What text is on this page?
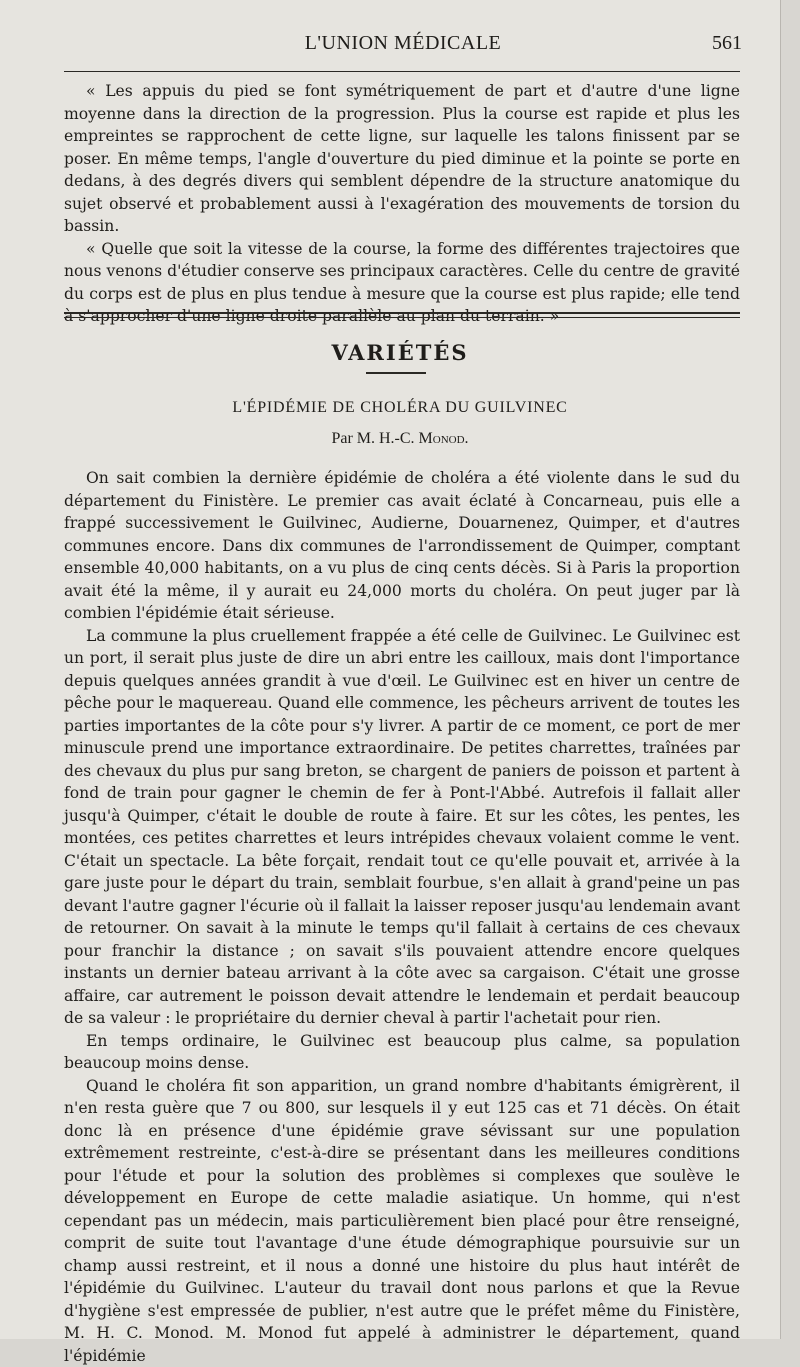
L'UNION MÉDICALE	561

« Les appuis du pied se font symétriquement de part et d'autre d'une ligne moyenne dans la direction de la progression. Plus la course est rapide et plus les empreintes se rapprochent de cette ligne, sur laquelle les talons finissent par se poser. En même temps, l'angle d'ouverture du pied diminue et la pointe se porte en dedans, à des degrés divers qui semblent dépendre de la structure anatomique du sujet observé et probablement aussi à l'exagération des mouvements de torsion du bassin.

« Quelle que soit la vitesse de la course, la forme des différentes trajectoires que nous venons d'étudier conserve ses principaux caractères. Celle du centre de gravité du corps est de plus en plus tendue à mesure que la course est plus rapide; elle tend à s'approcher d'une ligne droite parallèle au plan du terrain. »

VARIÉTÉS
L'ÉPIDÉMIE DE CHOLÉRA DU GUILVINEC
Par M. H.-C. Monod.

On sait combien la dernière épidémie de choléra a été violente dans le sud du département du Finistère. Le premier cas avait éclaté à Concarneau, puis elle a frappé successivement le Guilvinec, Audierne, Douarnenez, Quimper, et d'autres communes encore. Dans dix communes de l'arrondissement de Quimper, comptant ensemble 40,000 habitants, on a vu plus de cinq cents décès. Si à Paris la proportion avait été la même, il y aurait eu 24,000 morts du choléra. On peut juger par là combien l'épidémie était sérieuse.

La commune la plus cruellement frappée a été celle de Guilvinec. Le Guilvinec est un port, il serait plus juste de dire un abri entre les cailloux, mais dont l'importance depuis quelques années grandit à vue d'œil. Le Guilvinec est en hiver un centre de pêche pour le maquereau. Quand elle commence, les pêcheurs arrivent de toutes les parties importantes de la côte pour s'y livrer. A partir de ce moment, ce port de mer minuscule prend une importance extraordinaire. De petites charrettes, traînées par des chevaux du plus pur sang breton, se chargent de paniers de poisson et partent à fond de train pour gagner le chemin de fer à Pont-l'Abbé. Autrefois il fallait aller jusqu'à Quimper, c'était le double de route à faire. Et sur les côtes, les pentes, les montées, ces petites charrettes et leurs intrépides chevaux volaient comme le vent. C'était un spectacle. La bête forçait, rendait tout ce qu'elle pouvait et, arrivée à la gare juste pour le départ du train, semblait fourbue, s'en allait à grand'peine un pas devant l'autre gagner l'écurie où il fallait la laisser reposer jusqu'au lendemain avant de retourner. On savait à la minute le temps qu'il fallait à certains de ces chevaux pour franchir la distance ; on savait s'ils pouvaient attendre encore quelques instants un dernier bateau arrivant à la côte avec sa cargaison. C'était une grosse affaire, car autrement le poisson devait attendre le lendemain et perdait beaucoup de sa valeur : le propriétaire du dernier cheval à partir l'achetait pour rien.

En temps ordinaire, le Guilvinec est beaucoup plus calme, sa population beaucoup moins dense.

Quand le choléra fit son apparition, un grand nombre d'habitants émigrèrent, il n'en resta guère que 7 ou 800, sur lesquels il y eut 125 cas et 71 décès. On était donc là en présence d'une épidémie grave sévissant sur une population extrêmement restreinte, c'est-à-dire se présentant dans les meilleures conditions pour l'étude et pour la solution des problèmes si complexes que soulève le développement en Europe de cette maladie asiatique. Un homme, qui n'est cependant pas un médecin, mais particulièrement bien placé pour être renseigné, comprit de suite tout l'avantage d'une étude démographique poursuivie sur un champ aussi restreint, et il nous a donné une histoire du plus haut intérêt de l'épidémie du Guilvinec. L'auteur du travail dont nous parlons et que la Revue d'hygiène s'est empressée de publier, n'est autre que le préfet même du Finistère, M. H. C. Monod. M. Monod fut appelé à administrer le département, quand l'épidémie
